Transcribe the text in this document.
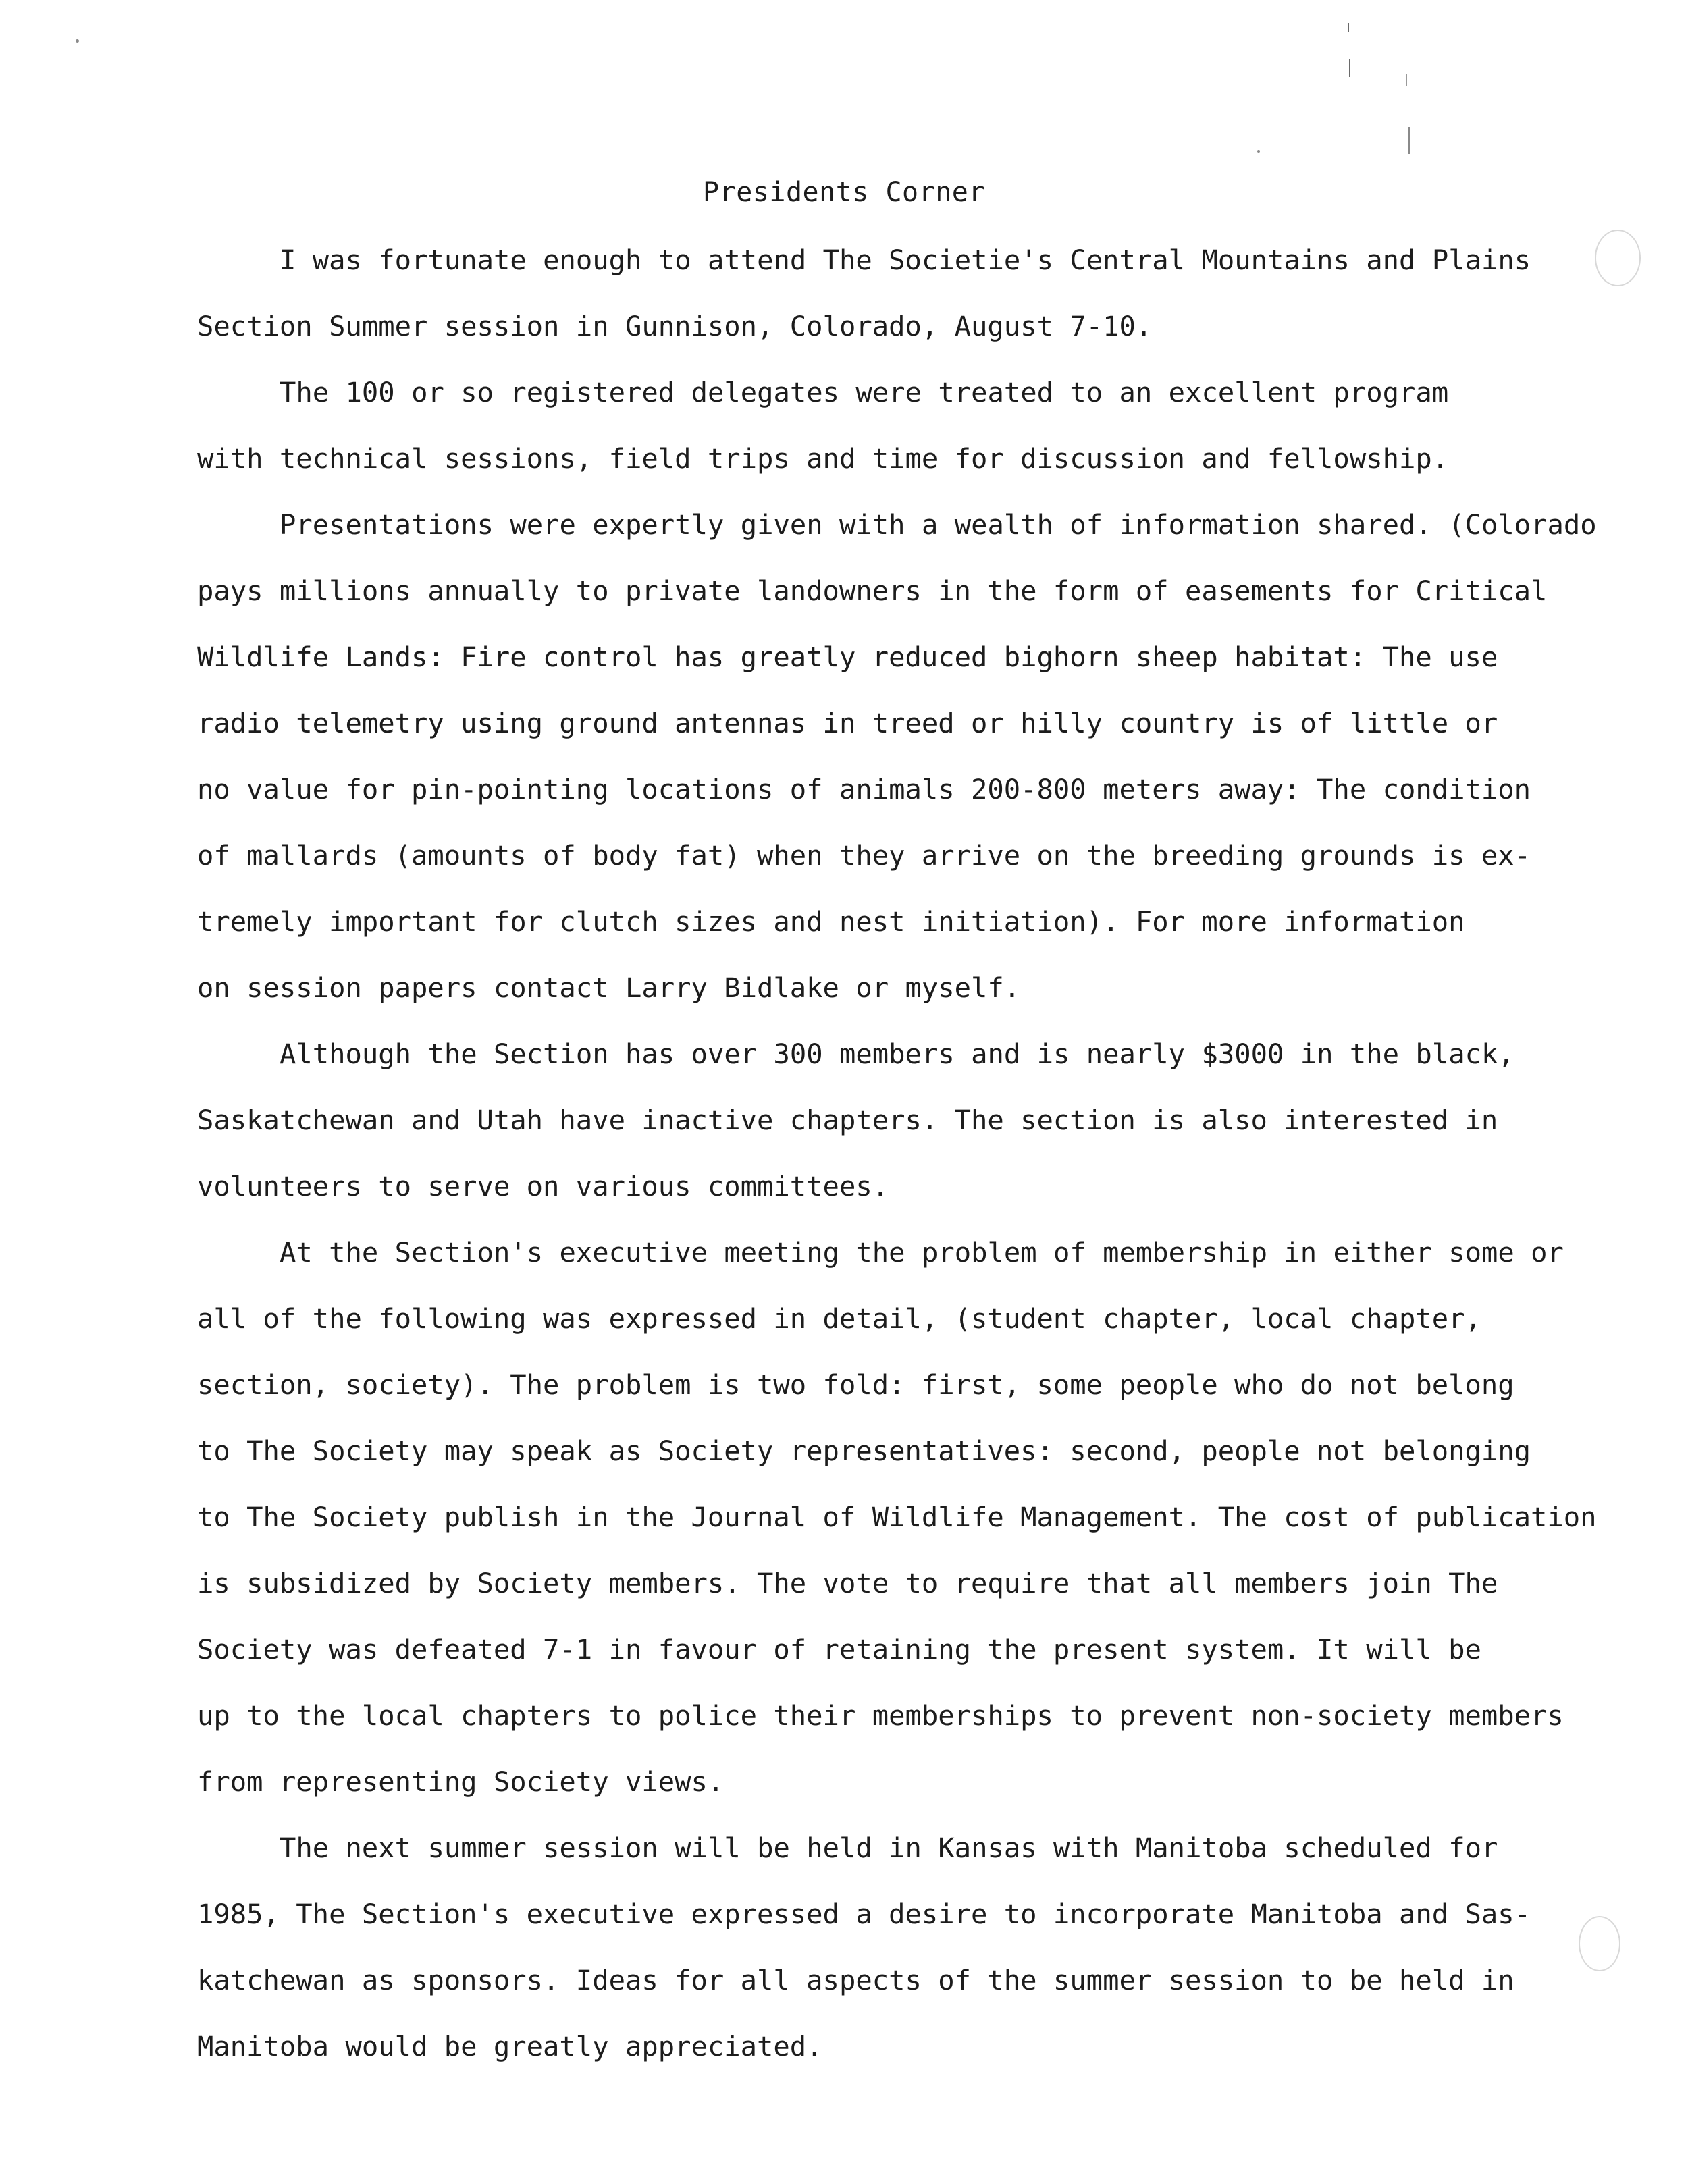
Presidents Corner
I was fortunate enough to attend The Societie's Central Mountains and Plains
Section Summer session in Gunnison, Colorado, August 7-10.
The 100 or so registered delegates were treated to an excellent program
with technical sessions, field trips and time for discussion and fellowship.
Presentations were expertly given with a wealth of information shared. (Colorado
pays millions annually to private landowners in the form of easements for Critical
Wildlife Lands: Fire control has greatly reduced bighorn sheep habitat: The use
radio telemetry using ground antennas in treed or hilly country is of little or
no value for pin-pointing locations of animals 200-800 meters away: The condition
of mallards (amounts of body fat) when they arrive on the breeding grounds is ex-
tremely important for clutch sizes and nest initiation). For more information
on session papers contact Larry Bidlake or myself.
Although the Section has over 300 members and is nearly $3000 in the black,
Saskatchewan and Utah have inactive chapters. The section is also interested in
volunteers to serve on various committees.
At the Section's executive meeting the problem of membership in either some or
all of the following was expressed in detail, (student chapter, local chapter,
section, society). The problem is two fold: first, some people who do not belong
to The Society may speak as Society representatives: second, people not belonging
to The Society publish in the Journal of Wildlife Management. The cost of publication
is subsidized by Society members. The vote to require that all members join The
Society was defeated 7-1 in favour of retaining the present system. It will be
up to the local chapters to police their memberships to prevent non-society members
from representing Society views.
The next summer session will be held in Kansas with Manitoba scheduled for
1985, The Section's executive expressed a desire to incorporate Manitoba and Sas-
katchewan as sponsors. Ideas for all aspects of the summer session to be held in
Manitoba would be greatly appreciated.
